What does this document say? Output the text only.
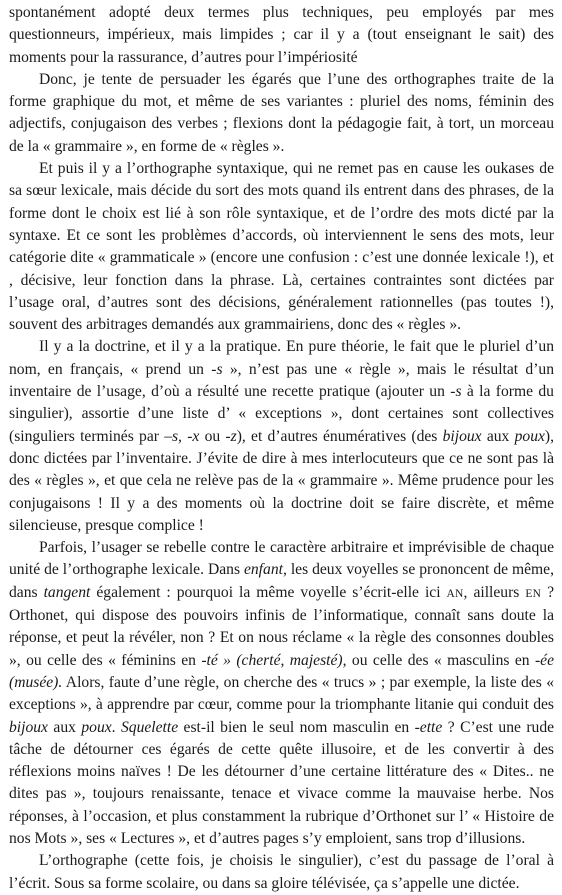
spontanément adopté deux termes plus techniques, peu employés par mes questionneurs, impérieux, mais limpides ; car il y a (tout enseignant le sait) des moments pour la rassurance, d’autres pour l’impériosité

Donc, je tente de persuader les égarés que l’une des orthographes traite de la forme graphique du mot, et même de ses variantes : pluriel des noms, féminin des adjectifs, conjugaison des verbes ; flexions dont la pédagogie fait, à tort, un morceau de la « grammaire », en forme de « règles ».

Et puis il y a l’orthographe syntaxique, qui ne remet pas en cause les oukases de sa sœur lexicale, mais décide du sort des mots quand ils entrent dans des phrases, de la forme dont le choix est lié à son rôle syntaxique, et de l’ordre des mots dicté par la syntaxe. Et ce sont les problèmes d’accords, où interviennent le sens des mots, leur catégorie dite « grammaticale » (encore une confusion : c’est une donnée lexicale !), et , décisive, leur fonction dans la phrase. Là, certaines contraintes sont dictées par l’usage oral, d’autres sont des décisions, généralement rationnelles (pas toutes !), souvent des arbitrages demandés aux grammairiens, donc des « règles ».

Il y a la doctrine, et il y a la pratique. En pure théorie, le fait que le pluriel d’un nom, en français, « prend un -s », n’est pas une « règle », mais le résultat d’un inventaire de l’usage, d’où a résulté une recette pratique (ajouter un -s à la forme du singulier), assortie d’une liste d’ « exceptions », dont certaines sont collectives (singuliers terminés par –s, -x ou -z), et d’autres énumératives (des bijoux aux poux), donc dictées par l’inventaire. J’évite de dire à mes interlocuteurs que ce ne sont pas là des « règles », et que cela ne relève pas de la « grammaire ». Même prudence pour les conjugaisons ! Il y a des moments où la doctrine doit se faire discrète, et même silencieuse, presque complice !

Parfois, l’usager se rebelle contre le caractère arbitraire et imprévisible de chaque unité de l’orthographe lexicale. Dans enfant, les deux voyelles se prononcent de même, dans tangent également : pourquoi la même voyelle s’écrit-elle ici AN, ailleurs EN ? Orthonet, qui dispose des pouvoirs infinis de l’informatique, connaît sans doute la réponse, et peut la révéler, non ? Et on nous réclame « la règle des consonnes doubles », ou celle des « féminins en -té » (cherté, majesté), ou celle des « masculins en -ée (musée). Alors, faute d’une règle, on cherche des « trucs » ; par exemple, la liste des « exceptions », à apprendre par cœur, comme pour la triomphante litanie qui conduit des bijoux aux poux. Squelette est-il bien le seul nom masculin en -ette ? C’est une rude tâche de détourner ces égarés de cette quête illusoire, et de les convertir à des réflexions moins naïves ! De les détourner d’une certaine littérature des « Dites.. ne dites pas », toujours renaissante, tenace et vivace comme la mauvaise herbe. Nos réponses, à l’occasion, et plus constamment la rubrique d’Orthonet sur l’ « Histoire de nos Mots », ses « Lectures », et d’autres pages s’y emploient, sans trop d’illusions.

L’orthographe (cette fois, je choisis le singulier), c’est du passage de l’oral à l’écrit. Sous sa forme scolaire, ou dans sa gloire télévisée, ça s’appelle une dictée.
